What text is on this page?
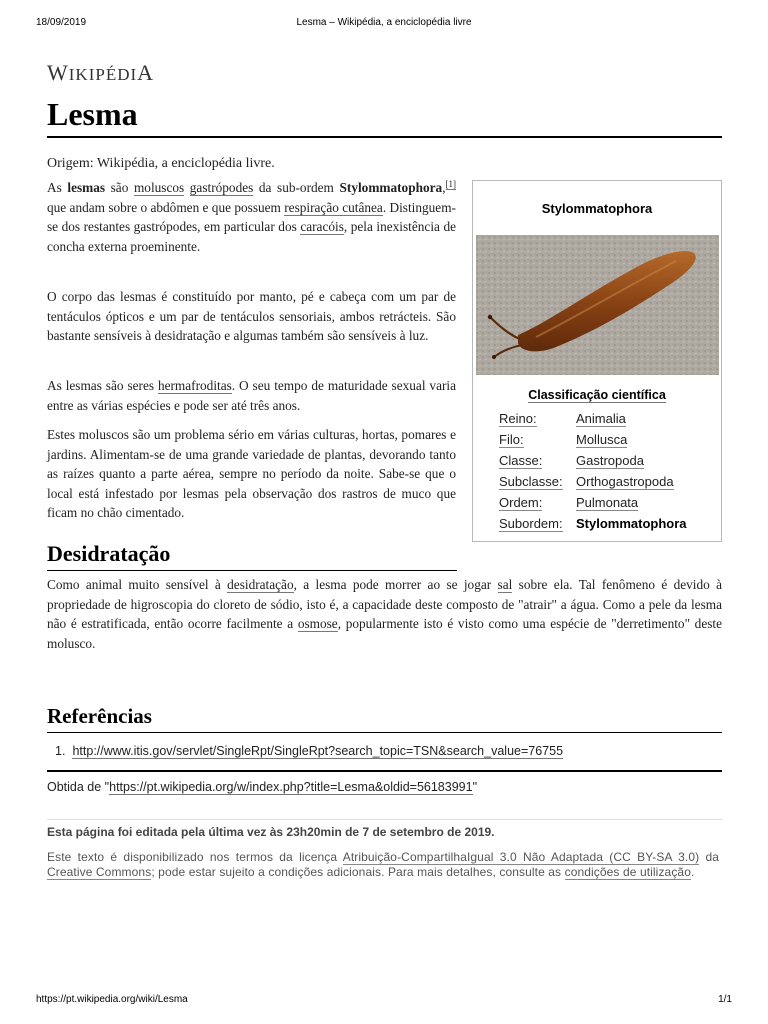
18/09/2019	Lesma – Wikipédia, a enciclopédia livre
WIKIPÉDIA
Lesma
Origem: Wikipédia, a enciclopédia livre.

As lesmas são moluscos gastrópodes da sub-ordem Stylommatophora,[1] que andam sobre o abdômen e que possuem respiração cutânea. Distinguem-se dos restantes gastrópodes, em particular dos caracóis, pela inexistência de concha externa proeminente.

O corpo das lesmas é constituído por manto, pé e cabeça com um par de tentáculos ópticos e um par de tentáculos sensoriais, ambos retrácteis. São bastante sensíveis à desidratação e algumas também são sensíveis à luz.

As lesmas são seres hermafroditas. O seu tempo de maturidade sexual varia entre as várias espécies e pode ser até três anos.

Estes moluscos são um problema sério em várias culturas, hortas, pomares e jardins. Alimentam-se de uma grande variedade de plantas, devorando tanto as raízes quanto a parte aérea, sempre no período da noite. Sabe-se que o local está infestado por lesmas pela observação dos rastros de muco que ficam no chão cimentado.

Stylommatophora
Classificação científica
Reino:	Animalia
Filo:	Mollusca
Classe:	Gastropoda
Subclasse: Orthogastropoda
Ordem:	Pulmonata
Subordem: Stylommatophora
Desidratação
Como animal muito sensível à desidratação, a lesma pode morrer ao se jogar sal sobre ela. Tal fenômeno é devido à propriedade de higroscopia do cloreto de sódio, isto é, a capacidade deste composto de "atrair" a água. Como a pele da lesma não é estratificada, então ocorre facilmente a osmose, popularmente isto é visto como uma espécie de "derretimento" deste molusco.
Referências
1. http://www.itis.gov/servlet/SingleRpt/SingleRpt?search_topic=TSN&search_value=76755
Obtida de "https://pt.wikipedia.org/w/index.php?title=Lesma&oldid=56183991"
Esta página foi editada pela última vez às 23h20min de 7 de setembro de 2019.
Este texto é disponibilizado nos termos da licença Atribuição-CompartilhaIgual 3.0 Não Adaptada (CC BY-SA 3.0) da Creative Commons; pode estar sujeito a condições adicionais. Para mais detalhes, consulte as condições de utilização.
https://pt.wikipedia.org/wiki/Lesma	1/1
